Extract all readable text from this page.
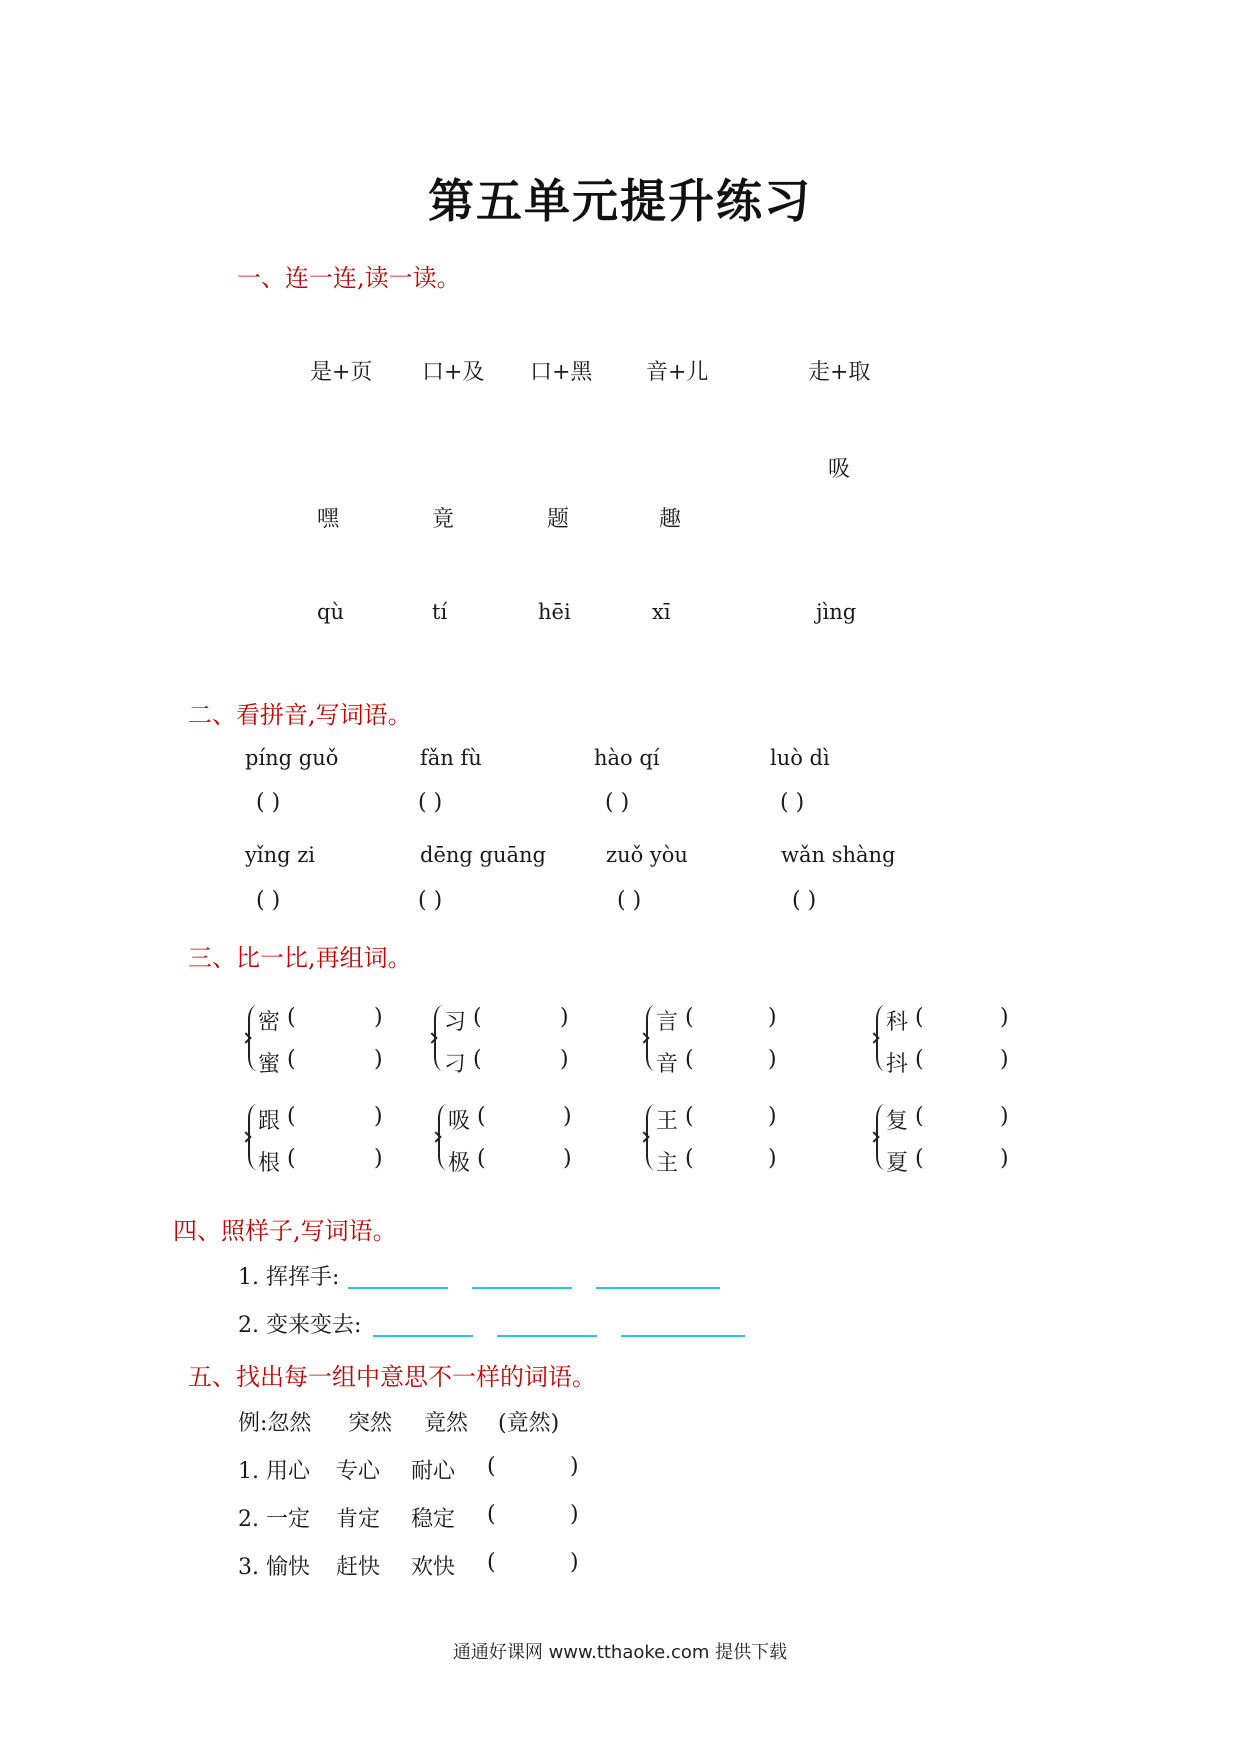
第五单元提升练习
一、连一连,读一读。
是+页 口+及 口+黑 音+儿	走+取
吸
嘿	竟	题	趣
qù	tí	hēi	xī	jìng
二、看拼音,写词语。
píng guǒ	fǎn fù	hào qí	luò dì
( )	( )	( )	( )
yǐng zi	dēng guāng	zuǒ yòu	wǎn shàng
( )	( )	( )	( )
三、比一比,再组词。
密 (	)
蜜 (	)
习 (	)
刁 (	)
言 (	)
音 (	)
科 (	)
抖 (	)
跟 (	)
根 (	)
吸 (	)
极 (	)
王 (	)
主 (	)
复 (	)
夏 (	)
四、照样子,写词语。
1. 挥挥手:
2. 变来变去:
五、找出每一组中意思不一样的词语。
例:忽然 突然 竟然 (竟然)
1. 用心 专心 耐心 (	)
2. 一定 肯定 稳定 (	)
3. 愉快 赶快 欢快 (	)
通通好课网 www.tthaoke.com 提供下载
